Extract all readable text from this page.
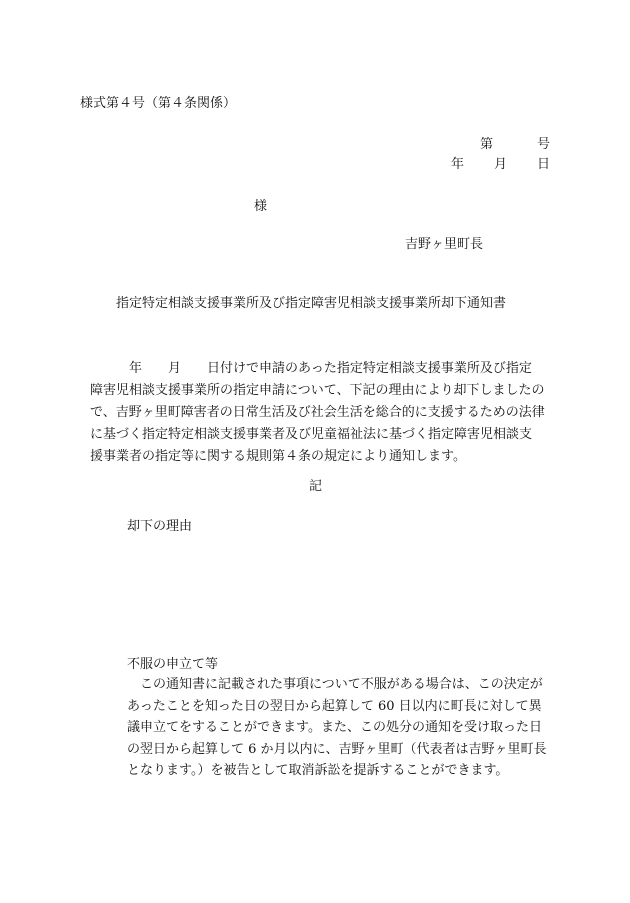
様式第４号（第４条関係）
第	号
年 月 日
様
吉野ヶ里町長
指定特定相談支援事業所及び指定障害児相談支援事業所却下通知書
　　　年　　月　　日付けで申請のあった指定特定相談支援事業所及び指定
障害児相談支援事業所の指定申請について、下記の理由により却下しましたの
で、吉野ヶ里町障害者の日常生活及び社会生活を総合的に支援するための法律
に基づく指定特定相談支援事業者及び児童福祉法に基づく指定障害児相談支
援事業者の指定等に関する規則第４条の規定により通知します。
記
却下の理由
不服の申立て等
　この通知書に記載された事項について不服がある場合は、この決定が
あったことを知った日の翌日から起算して 60 日以内に町長に対して異
議申立てをすることができます。また、この処分の通知を受け取った日
の翌日から起算して 6 か月以内に、吉野ヶ里町（代表者は吉野ヶ里町長
となります。）を被告として取消訴訟を提訴することができます。
